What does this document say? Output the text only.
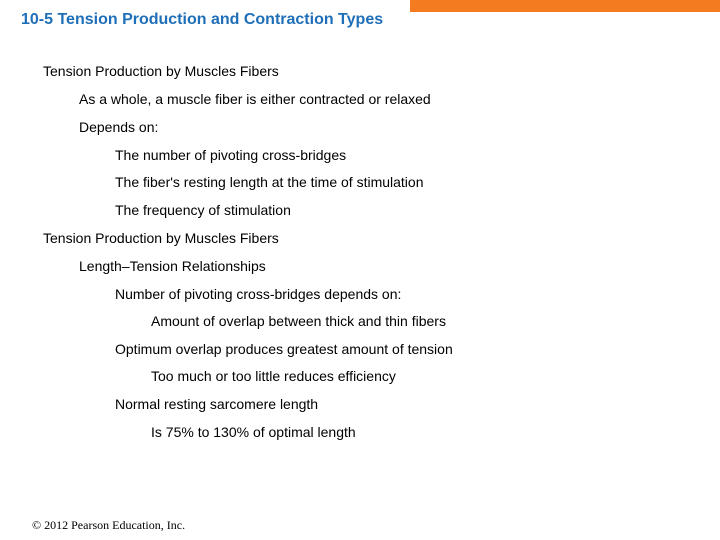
10-5 Tension Production and Contraction Types
Tension Production by Muscles Fibers
As a whole, a muscle fiber is either contracted or relaxed
Depends on:
The number of pivoting cross-bridges
The fiber's resting length at the time of stimulation
The frequency of stimulation
Tension Production by Muscles Fibers
Length–Tension Relationships
Number of pivoting cross-bridges depends on:
Amount of overlap between thick and thin fibers
Optimum overlap produces greatest amount of tension
Too much or too little reduces efficiency
Normal resting sarcomere length
Is 75% to 130% of optimal length
© 2012 Pearson Education, Inc.
